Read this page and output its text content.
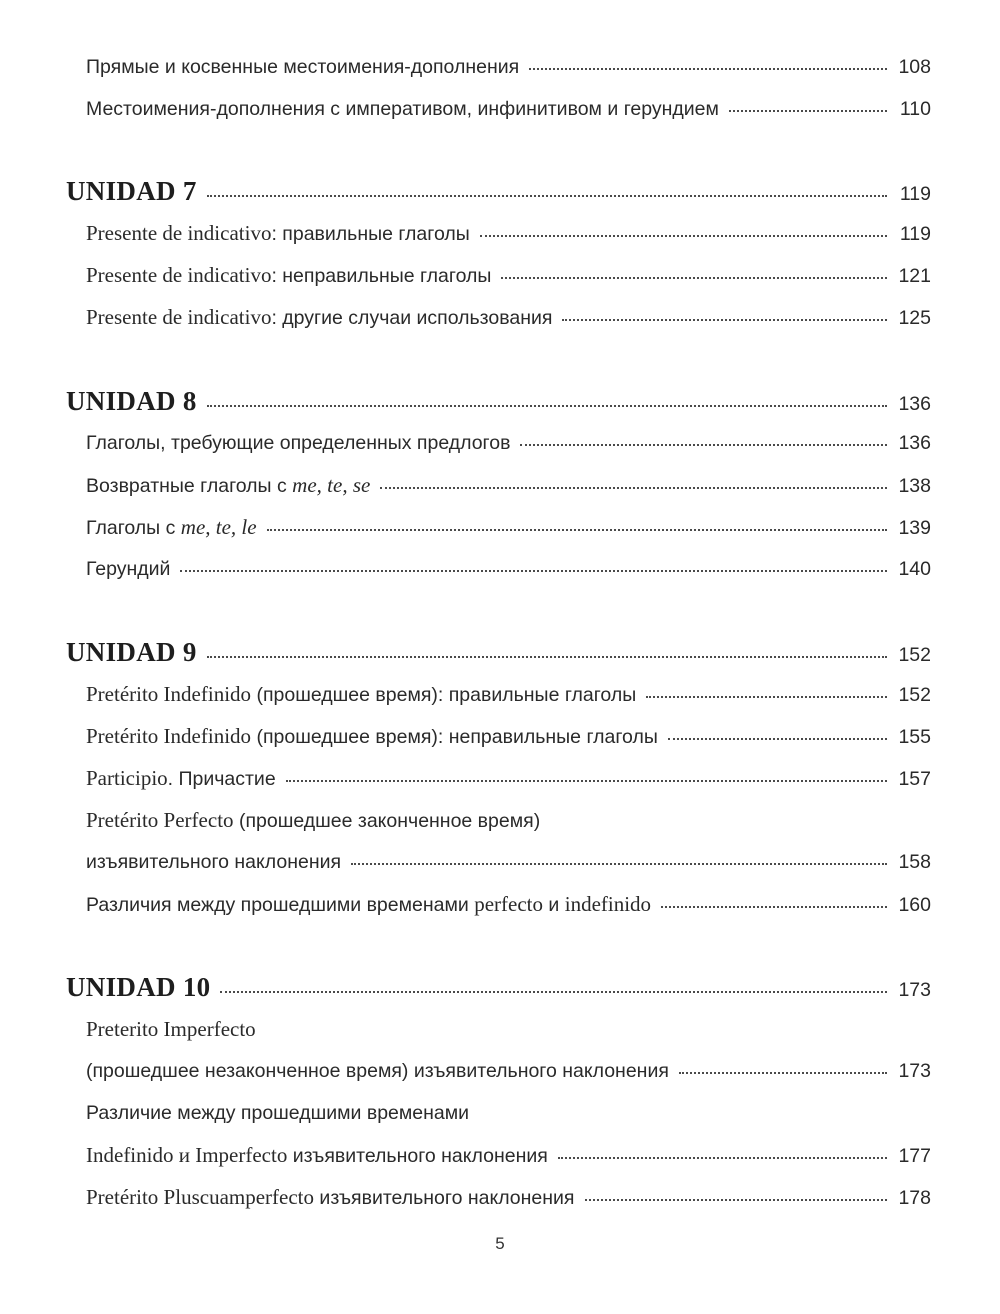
Прямые и косвенные местоимения-дополнения	108
Местоимения-дополнения с императивом, инфинитивом и герундием	110
UNIDAD 7	119
Presente de indicativo: правильные глаголы	119
Presente de indicativo: неправильные глаголы	121
Presente de indicativo: другие случаи использования	125
UNIDAD 8	136
Глаголы, требующие определенных предлогов	136
Возвратные глаголы с me, te, se	138
Глаголы с me, te, le	139
Герундий	140
UNIDAD 9	152
Pretérito Indefinido (прошедшее время): правильные глаголы	152
Pretérito Indefinido (прошедшее время): неправильные глаголы	155
Participio. Причастие	157
Pretérito Perfecto (прошедшее законченное время)
изъявительного наклонения	158
Различия между прошедшими временами perfecto и indefinido	160
UNIDAD 10	173
Preterito Imperfecto
(прошедшее незаконченное время) изъявительного наклонения	173
Различие между прошедшими временами
Indefinido и Imperfecto изъявительного наклонения	177
Pretérito Pluscuamperfecto изъявительного наклонения	178
5
